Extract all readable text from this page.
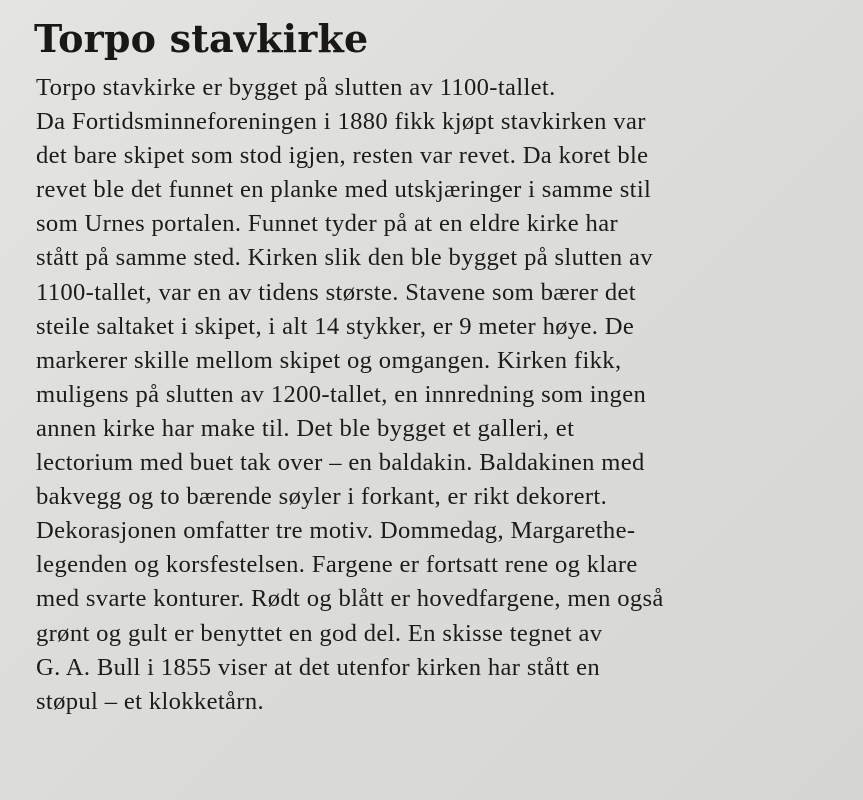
Torpo stavkirke
Torpo stavkirke er bygget på slutten av 1100-tallet.
Da Fortidsminneforeningen i 1880 fikk kjøpt stavkirken var
det bare skipet som stod igjen, resten var revet. Da koret ble
revet ble det funnet en planke med utskjæringer i samme stil
som Urnes portalen. Funnet tyder på at en eldre kirke har
stått på samme sted. Kirken slik den ble bygget på slutten av
1100-tallet, var en av tidens største. Stavene som bærer det
steile saltaket i skipet, i alt 14 stykker, er 9 meter høye. De
markerer skille mellom skipet og omgangen. Kirken fikk,
muligens på slutten av 1200-tallet, en innredning som ingen
annen kirke har make til. Det ble bygget et galleri, et
lectorium med buet tak over – en baldakin. Baldakinen med
bakvegg og to bærende søyler i forkant, er rikt dekorert.
Dekorasjonen omfatter tre motiv. Dommedag, Margarethe-
legenden og korsfestelsen. Fargene er fortsatt rene og klare
med svarte konturer. Rødt og blått er hovedfargene, men også
grønt og gult er benyttet en god del. En skisse tegnet av
G. A. Bull i 1855 viser at det utenfor kirken har stått en
støpul – et klokketårn.
